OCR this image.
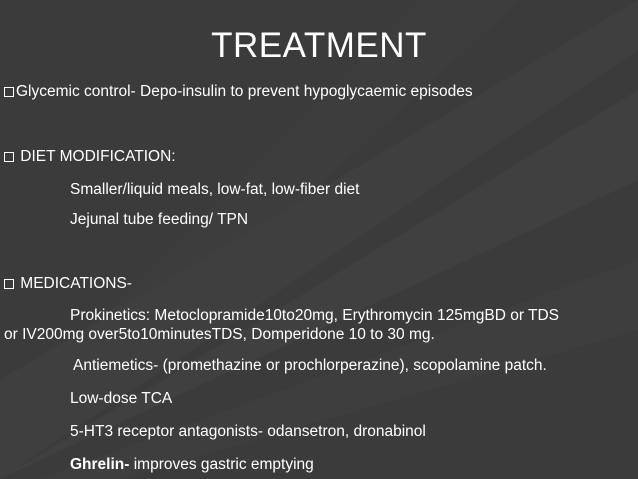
TREATMENT
Glycemic control- Depo-insulin to prevent hypoglycaemic episodes
DIET MODIFICATION:
Smaller/liquid meals, low-fat, low-fiber diet
Jejunal tube feeding/ TPN
MEDICATIONS-
Prokinetics: Metoclopramide10to20mg, Erythromycin 125mgBD or TDS
or IV200mg over5to10minutesTDS, Domperidone 10 to 30 mg.
Antiemetics- (promethazine or prochlorperazine), scopolamine patch.
Low-dose TCA
5-HT3 receptor antagonists- odansetron, dronabinol
Ghrelin- improves gastric emptying
